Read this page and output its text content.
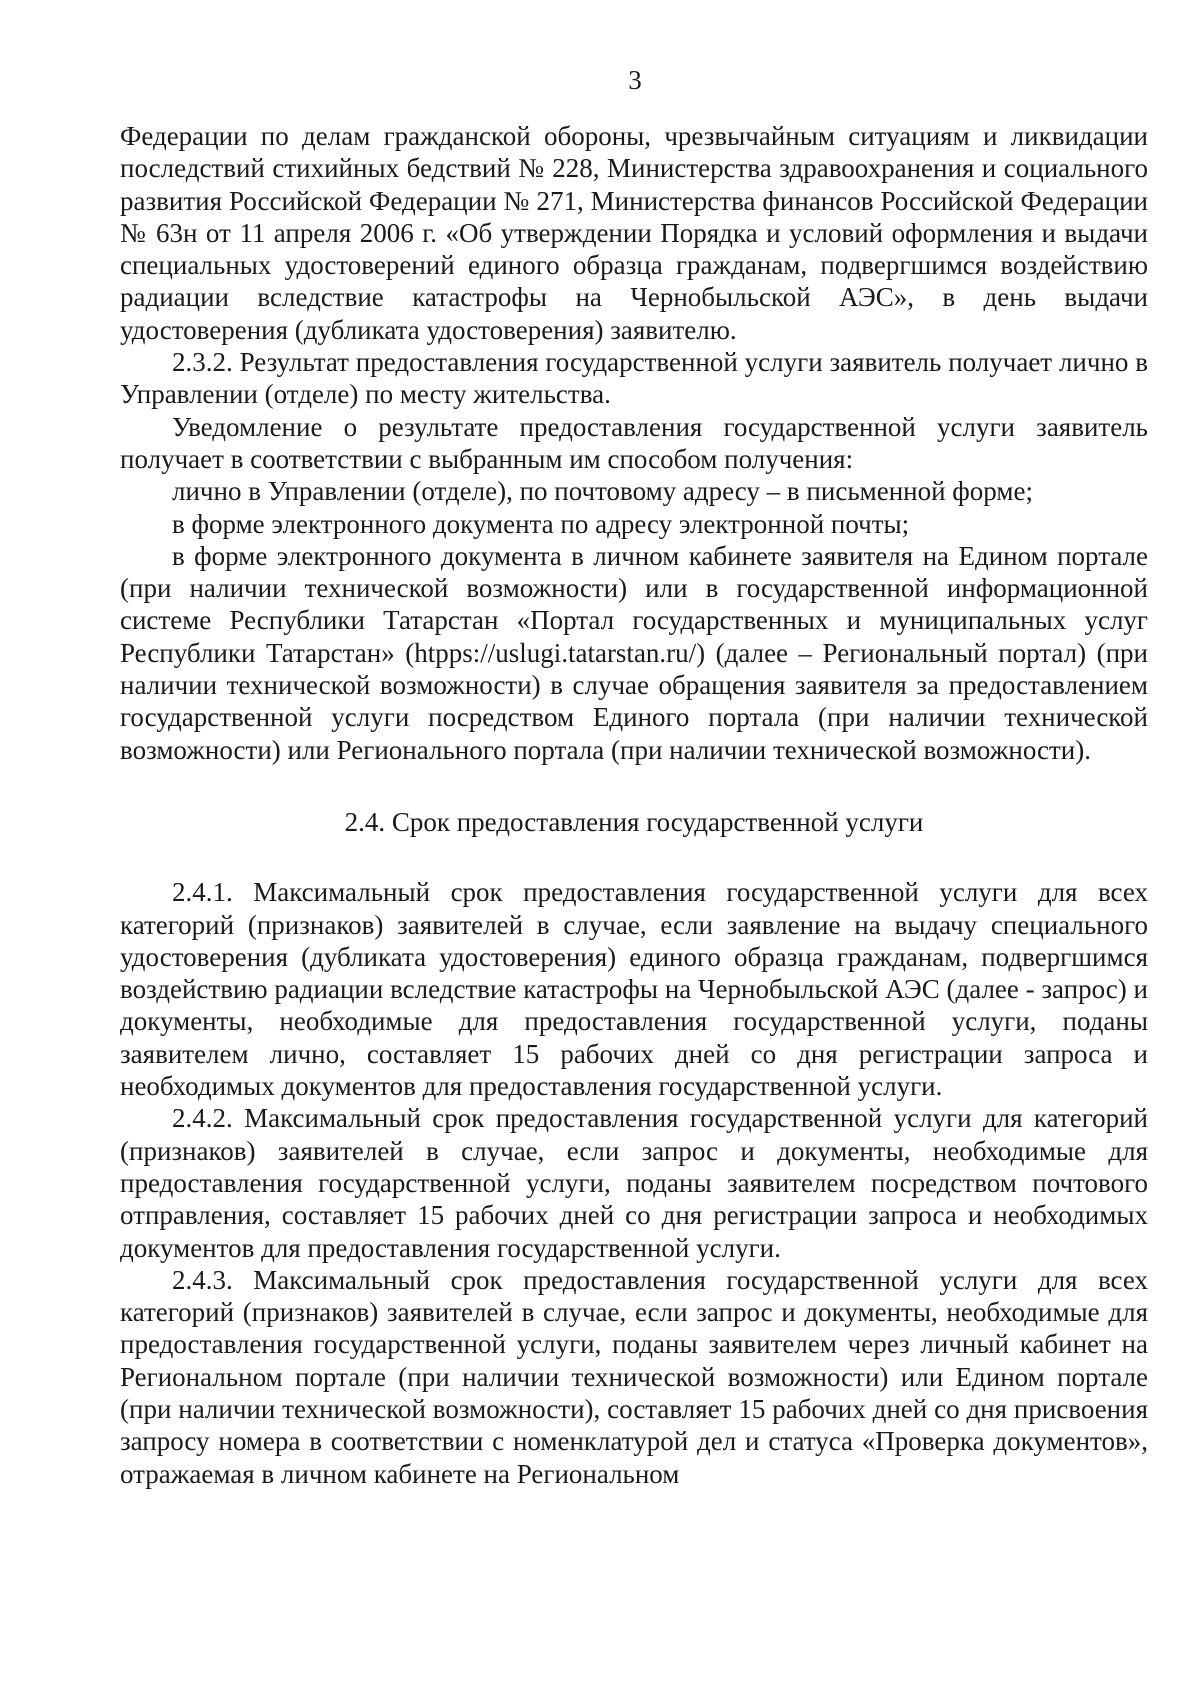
3

Федерации по делам гражданской обороны, чрезвычайным ситуациям и ликвидации последствий стихийных бедствий № 228, Министерства здравоохранения и социального развития Российской Федерации № 271, Министерства финансов Российской Федерации № 63н от 11 апреля 2006 г. «Об утверждении Порядка и условий оформления и выдачи специальных удостоверений единого образца гражданам, подвергшимся воздействию радиации вследствие катастрофы на Чернобыльской АЭС», в день выдачи удостоверения (дубликата удостоверения) заявителю.

2.3.2. Результат предоставления государственной услуги заявитель получает лично в Управлении (отделе) по месту жительства.

Уведомление о результате предоставления государственной услуги заявитель получает в соответствии с выбранным им способом получения:

лично в Управлении (отделе), по почтовому адресу – в письменной форме;

в форме электронного документа по адресу электронной почты;

в форме электронного документа в личном кабинете заявителя на Едином портале (при наличии технической возможности) или в государственной информационной системе Республики Татарстан «Портал государственных и муниципальных услуг Республики Татарстан» (htpps://uslugi.tatarstan.ru/) (далее – Региональный портал) (при наличии технической возможности) в случае обращения заявителя за предоставлением государственной услуги посредством Единого портала (при наличии технической возможности) или Регионального портала (при наличии технической возможности).

2.4. Срок предоставления государственной услуги

2.4.1. Максимальный срок предоставления государственной услуги для всех категорий (признаков) заявителей в случае, если заявление на выдачу специального удостоверения (дубликата удостоверения) единого образца гражданам, подвергшимся воздействию радиации вследствие катастрофы на Чернобыльской АЭС (далее - запрос) и документы, необходимые для предоставления государственной услуги, поданы заявителем лично, составляет 15 рабочих дней со дня регистрации запроса и необходимых документов для предоставления государственной услуги.

2.4.2. Максимальный срок предоставления государственной услуги для категорий (признаков) заявителей в случае, если запрос и документы, необходимые для предоставления государственной услуги, поданы заявителем посредством почтового отправления, составляет 15 рабочих дней со дня регистрации запроса и необходимых документов для предоставления государственной услуги.

2.4.3. Максимальный срок предоставления государственной услуги для всех категорий (признаков) заявителей в случае, если запрос и документы, необходимые для предоставления государственной услуги, поданы заявителем через личный кабинет на Региональном портале (при наличии технической возможности) или Едином портале (при наличии технической возможности), составляет 15 рабочих дней со дня присвоения запросу номера в соответствии с номенклатурой дел и статуса «Проверка документов», отражаемая в личном кабинете на Региональном
